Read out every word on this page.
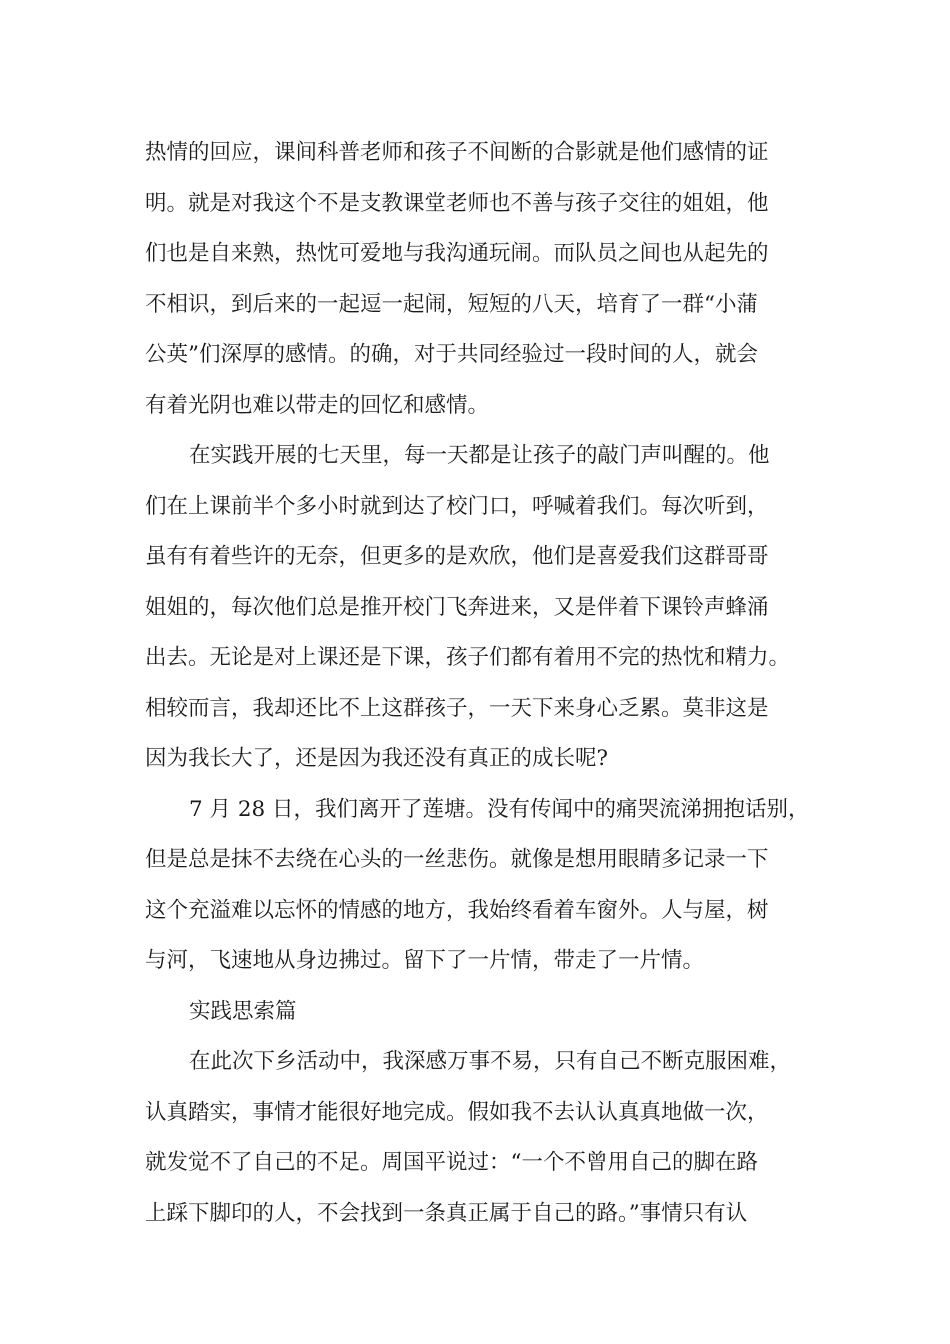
热情的回应，课间科普老师和孩子不间断的合影就是他们感情的证
明。就是对我这个不是支教课堂老师也不善与孩子交往的姐姐，他
们也是自来熟，热忱可爱地与我沟通玩闹。而队员之间也从起先的
不相识，到后来的一起逗一起闹，短短的八天，培育了一群“小蒲
公英”们深厚的感情。的确，对于共同经验过一段时间的人，就会
有着光阴也难以带走的回忆和感情。
在实践开展的七天里，每一天都是让孩子的敲门声叫醒的。他
们在上课前半个多小时就到达了校门口，呼喊着我们。每次听到，
虽有有着些许的无奈，但更多的是欢欣，他们是喜爱我们这群哥哥
姐姐的，每次他们总是推开校门飞奔进来，又是伴着下课铃声蜂涌
出去。无论是对上课还是下课，孩子们都有着用不完的热忱和精力。
相较而言，我却还比不上这群孩子，一天下来身心乏累。莫非这是
因为我长大了，还是因为我还没有真正的成长呢?
7 月 28 日，我们离开了莲塘。没有传闻中的痛哭流涕拥抱话别，
但是总是抹不去绕在心头的一丝悲伤。就像是想用眼睛多记录一下
这个充溢难以忘怀的情感的地方，我始终看着车窗外。人与屋，树
与河，飞速地从身边拂过。留下了一片情，带走了一片情。
实践思索篇
在此次下乡活动中，我深感万事不易，只有自己不断克服困难，
认真踏实，事情才能很好地完成。假如我不去认认真真地做一次，
就发觉不了自己的不足。周国平说过：“一个不曾用自己的脚在路
上踩下脚印的人，不会找到一条真正属于自己的路。”事情只有认
